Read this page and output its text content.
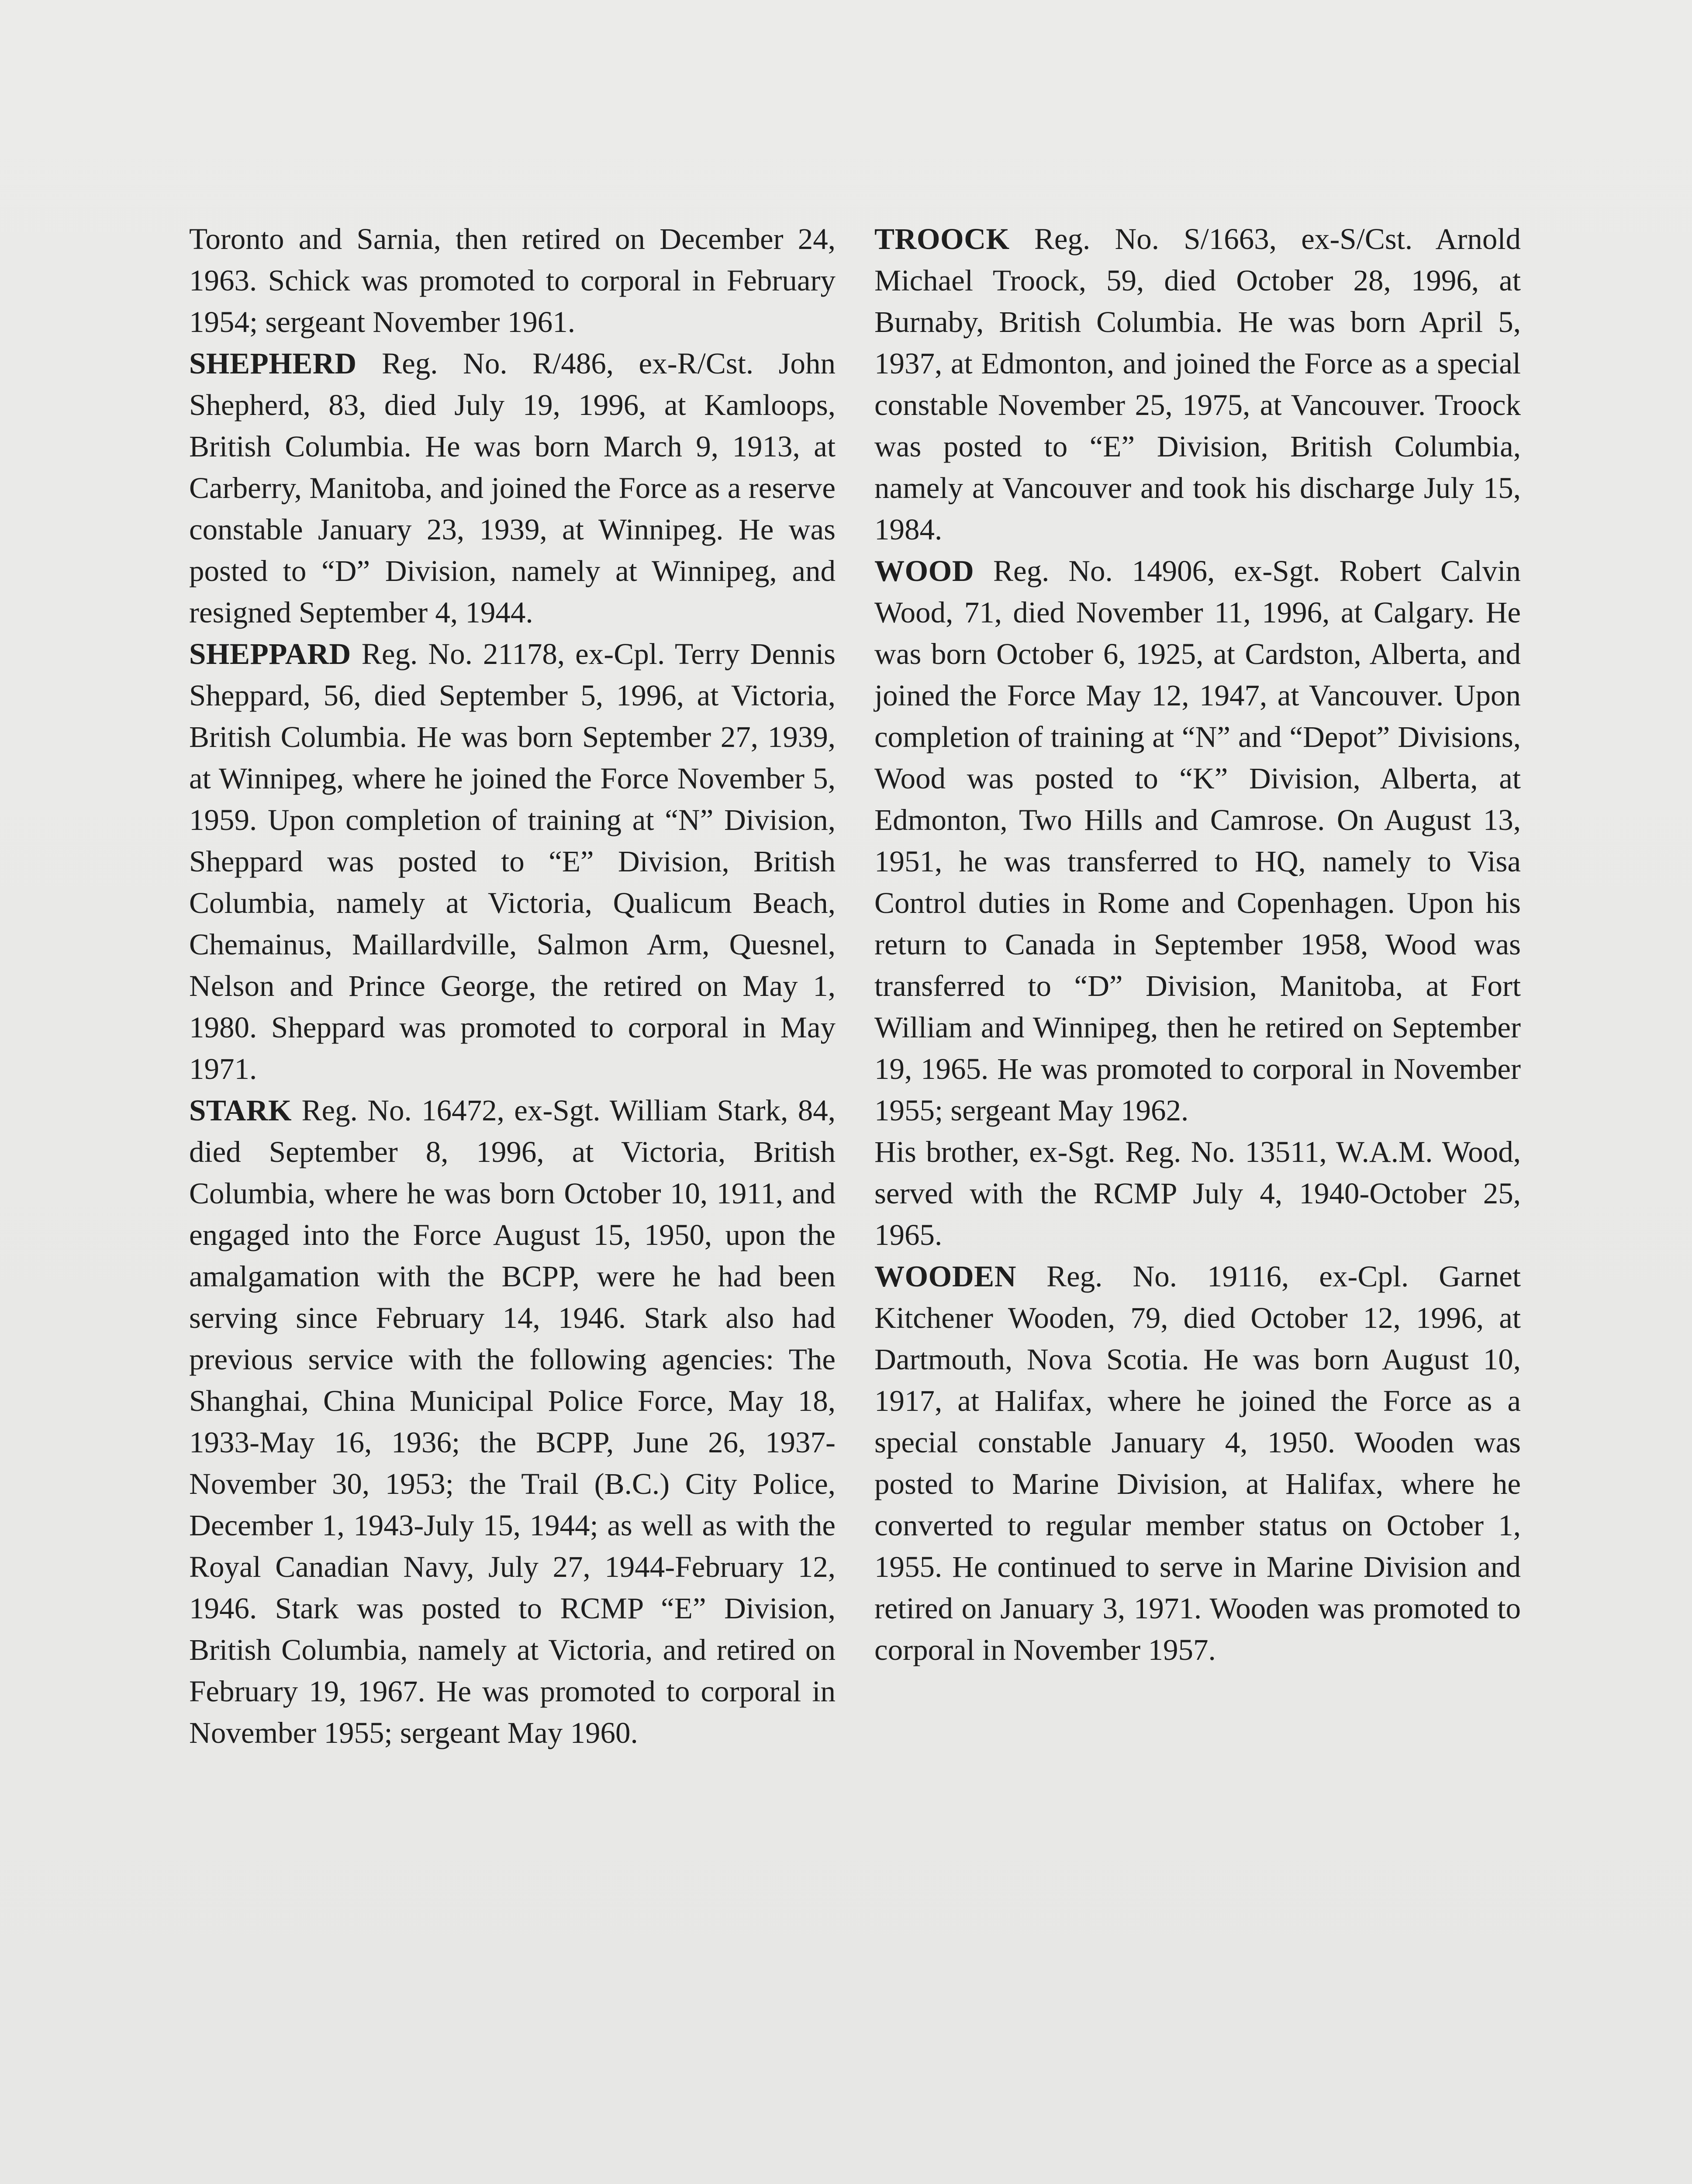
Toronto and Sarnia, then retired on December 24, 1963. Schick was promoted to corporal in February 1954; sergeant November 1961.

SHEPHERD Reg. No. R/486, ex-R/Cst. John Shepherd, 83, died July 19, 1996, at Kamloops, British Columbia. He was born March 9, 1913, at Carberry, Manitoba, and joined the Force as a reserve constable January 23, 1939, at Winnipeg. He was posted to “D” Division, namely at Winnipeg, and resigned September 4, 1944.

SHEPPARD Reg. No. 21178, ex-Cpl. Terry Dennis Sheppard, 56, died September 5, 1996, at Victoria, British Columbia. He was born September 27, 1939, at Winnipeg, where he joined the Force November 5, 1959. Upon completion of training at “N” Division, Sheppard was posted to “E” Division, British Columbia, namely at Victoria, Qualicum Beach, Chemainus, Maillardville, Salmon Arm, Quesnel, Nelson and Prince George, the retired on May 1, 1980. Sheppard was promoted to corporal in May 1971.

STARK Reg. No. 16472, ex-Sgt. William Stark, 84, died September 8, 1996, at Victoria, British Columbia, where he was born October 10, 1911, and engaged into the Force August 15, 1950, upon the amalgamation with the BCPP, were he had been serving since February 14, 1946. Stark also had previous service with the following agencies: The Shanghai, China Municipal Police Force, May 18, 1933-May 16, 1936; the BCPP, June 26, 1937-November 30, 1953; the Trail (B.C.) City Police, December 1, 1943-July 15, 1944; as well as with the Royal Canadian Navy, July 27, 1944-February 12, 1946. Stark was posted to RCMP “E” Division, British Columbia, namely at Victoria, and retired on February 19, 1967. He was promoted to corporal in November 1955; sergeant May 1960.

TROOCK Reg. No. S/1663, ex-S/Cst. Arnold Michael Troock, 59, died October 28, 1996, at Burnaby, British Columbia. He was born April 5, 1937, at Edmonton, and joined the Force as a special constable November 25, 1975, at Vancouver. Troock was posted to “E” Division, British Columbia, namely at Vancouver and took his discharge July 15, 1984.

WOOD Reg. No. 14906, ex-Sgt. Robert Calvin Wood, 71, died November 11, 1996, at Calgary. He was born October 6, 1925, at Cardston, Alberta, and joined the Force May 12, 1947, at Vancouver. Upon completion of training at “N” and “Depot” Divisions, Wood was posted to “K” Division, Alberta, at Edmonton, Two Hills and Camrose. On August 13, 1951, he was transferred to HQ, namely to Visa Control duties in Rome and Copenhagen. Upon his return to Canada in September 1958, Wood was transferred to “D” Division, Manitoba, at Fort William and Winnipeg, then he retired on September 19, 1965. He was promoted to corporal in November 1955; sergeant May 1962.

His brother, ex-Sgt. Reg. No. 13511, W.A.M. Wood, served with the RCMP July 4, 1940-October 25, 1965.

WOODEN Reg. No. 19116, ex-Cpl. Garnet Kitchener Wooden, 79, died October 12, 1996, at Dartmouth, Nova Scotia. He was born August 10, 1917, at Halifax, where he joined the Force as a special constable January 4, 1950. Wooden was posted to Marine Division, at Halifax, where he converted to regular member status on October 1, 1955. He continued to serve in Marine Division and retired on January 3, 1971. Wooden was promoted to corporal in November 1957.
